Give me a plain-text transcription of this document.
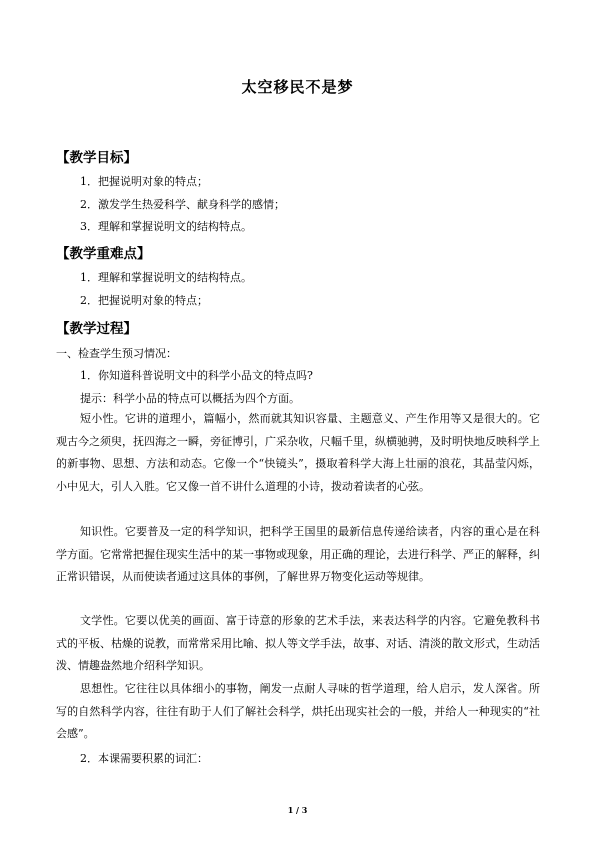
太空移民不是梦
【教学目标】
1．把握说明对象的特点；
2．激发学生热爱科学、献身科学的感情；
3．理解和掌握说明文的结构特点。
【教学重难点】
1．理解和掌握说明文的结构特点。
2．把握说明对象的特点；
【教学过程】
一、检查学生预习情况：
1．你知道科普说明文中的科学小品文的特点吗?
提示：科学小品的特点可以概括为四个方面。
短小性。它讲的道理小，篇幅小，然而就其知识容量、主题意义、产生作用等又是很大的。它观古今之须臾，抚四海之一瞬，旁征博引，广采杂收，尺幅千里，纵横驰骋，及时明快地反映科学上的新事物、思想、方法和动态。它像一个“快镜头”，摄取着科学大海上壮丽的浪花，其晶莹闪烁，小中见大，引人入胜。它又像一首不讲什么道理的小诗，拨动着读者的心弦。
知识性。它要普及一定的科学知识，把科学王国里的最新信息传递给读者，内容的重心是在科学方面。它常常把握住现实生活中的某一事物或现象，用正确的理论，去进行科学、严正的解释，纠正常识错误，从而使读者通过这具体的事例，了解世界万物变化运动等规律。
文学性。它要以优美的画面、富于诗意的形象的艺术手法，来表达科学的内容。它避免教科书式的平板、枯燥的说教，而常常采用比喻、拟人等文学手法，故事、对话、清淡的散文形式，生动活泼、情趣盎然地介绍科学知识。
思想性。它往往以具体细小的事物，阐发一点耐人寻味的哲学道理，给人启示，发人深省。所写的自然科学内容，往往有助于人们了解社会科学，烘托出现实社会的一般，并给人一种现实的“社会感”。
2．本课需要积累的词汇：
1 / 3
